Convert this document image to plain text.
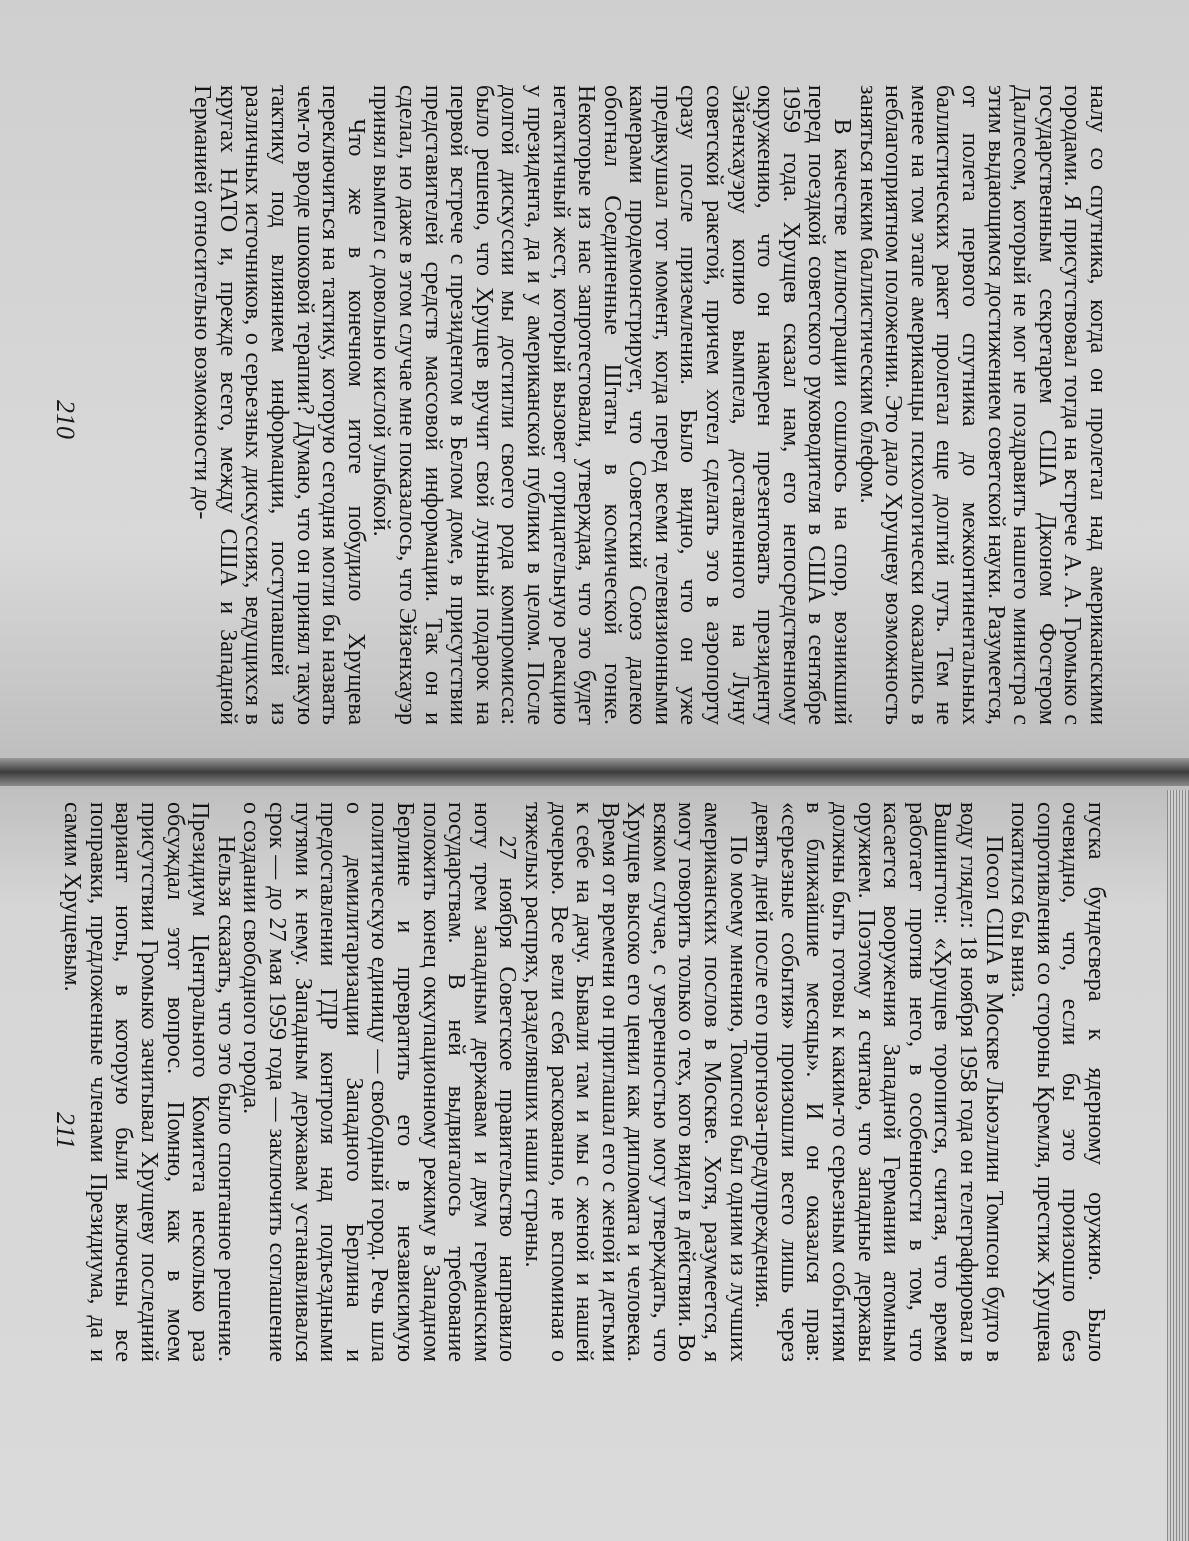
налу со спутника, когда он пролетал над американскими городами. Я присутствовал тогда на встрече А. А. Громыко с государственным секретарем США Джоном Фостером Даллесом, который не мог не поздравить нашего министра с этим выдающимся достижением советской науки. Разумеется, от полета первого спутника до межконтинентальных баллистических ракет пролегал еще долгий путь. Тем не менее на том этапе американцы психологически оказались в неблагоприятном положении. Это дало Хрущеву возможность заняться неким баллистическим блефом.

В качестве иллюстрации сошлюсь на спор, возникший перед поездкой советского руководителя в США в сентябре 1959 года. Хрущев сказал нам, его непосредственному окружению, что он намерен презентовать президенту Эйзенхауэру копию вымпела, доставленного на Луну советской ракетой, причем хотел сделать это в аэропорту сразу после приземления. Было видно, что он уже предвкушал тот момент, когда перед всеми телевизионными камерами продемонстрирует, что Советский Союз далеко обогнал Соединенные Штаты в космической гонке. Некоторые из нас запротестовали, утверждая, что это будет нетактичный жест, который вызовет отрицательную реакцию у президента, да и у американской публики в целом. После долгой дискуссии мы достигли своего рода компромисса: было решено, что Хрущев вручит свой лунный подарок на первой встрече с президентом в Белом доме, в присутствии представителей средств массовой информации. Так он и сделал, но даже в этом случае мне показалось, что Эйзенхауэр принял вымпел с довольно кислой улыбкой.

Что же в конечном итоге побудило Хрущева переключиться на тактику, которую сегодня могли бы назвать чем-то вроде шоковой терапии? Думаю, что он принял такую тактику под влиянием информации, поступавшей из различных источников, о серьезных дискуссиях, ведущихся в кругах НАТО и, прежде всего, между США и Западной Германией относительно возможности до-

пуска бундесвера к ядерному оружию. Было очевидно, что, если бы это произошло без сопротивления со стороны Кремля, престиж Хрущева покатился бы вниз.

Посол США в Москве Льюэллин Томпсон будто в воду глядел: 18 ноября 1958 года он телеграфировал в Вашингтон: «Хрущев торопится, считая, что время работает против него, в особенности в том, что касается вооружения Западной Германии атомным оружием. Поэтому я считаю, что западные державы должны быть готовы к каким-то серьезным событиям в ближайшие месяцы». И он оказался прав: «серьезные события» произошли всего лишь через девять дней после его прогноза-предупреждения.

По моему мнению, Томпсон был одним из лучших американских послов в Москве. Хотя, разумеется, я могу говорить только о тех, кого видел в действии. Во всяком случае, с уверенностью могу утверждать, что Хрущев высоко его ценил как дипломата и человека. Время от времени он приглашал его с женой и детьми к себе на дачу. Бывали там и мы с женой и нашей дочерью. Все вели себя раскованно, не вспоминая о тяжелых распрях, разделявших наши страны.

27 ноября Советское правительство направило ноту трем западным державам и двум германским государствам. В ней выдвигалось требование положить конец оккупационному режиму в Западном Берлине и превратить его в независимую политическую единицу — свободный город. Речь шла о демилитаризации Западного Берлина и предоставлении ГДР контроля над подъездными путями к нему. Западным державам устанавливался срок — до 27 мая 1959 года — заключить соглашение о создании свободного города.

Нельзя сказать, что это было спонтанное решение. Президиум Центрального Комитета несколько раз обсуждал этот вопрос. Помню, как в моем присутствии Громыко зачитывал Хрущеву последний вариант ноты, в которую были включены все поправки, предложенные членами Президиума, да и самим Хрущевым.

210
211
